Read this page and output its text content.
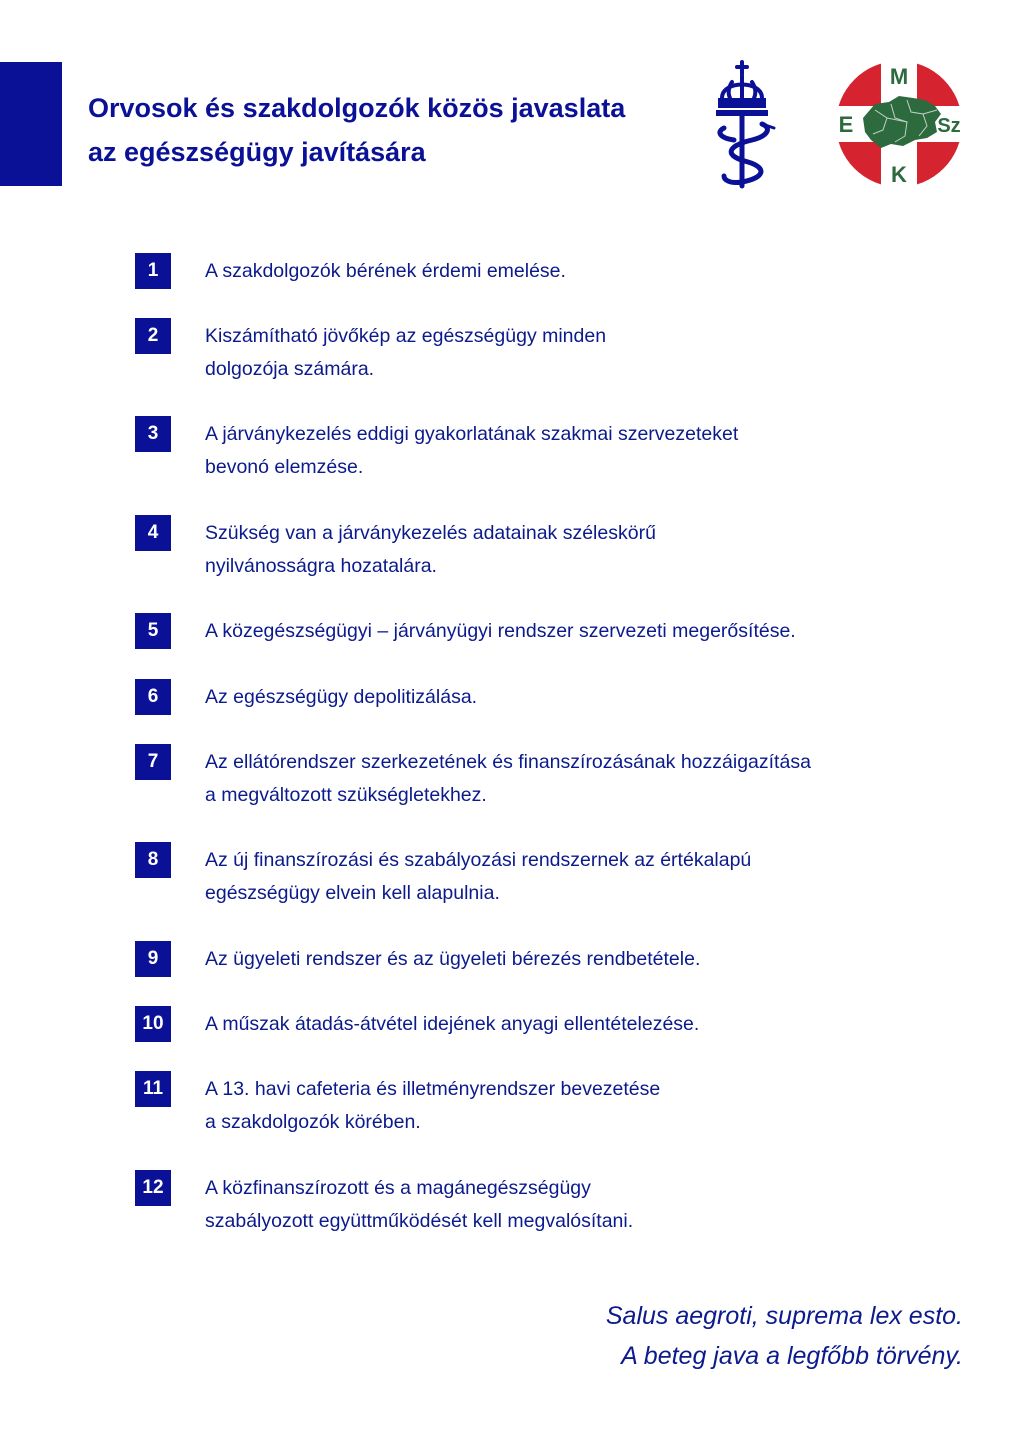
Orvosok és szakdolgozók közös javaslata
az egészségügy javítására
M
E	Sz
K
1	A szakdolgozók bérének érdemi emelése.
2	Kiszámítható jövőkép az egészségügy minden
dolgozója számára.
3	A járványkezelés eddigi gyakorlatának szakmai szervezeteket
bevonó elemzése.
4	Szükség van a járványkezelés adatainak széleskörű
nyilvánosságra hozatalára.
5	A közegészségügyi – járványügyi rendszer szervezeti megerősítése.
6	Az egészségügy depolitizálása.
7	Az ellátórendszer szerkezetének és finanszírozásának hozzáigazítása
a megváltozott szükségletekhez.
8	Az új finanszírozási és szabályozási rendszernek az értékalapú
egészségügy elvein kell alapulnia.
9	Az ügyeleti rendszer és az ügyeleti bérezés rendbetétele.
10	A műszak átadás-átvétel idejének anyagi ellentételezése.
11	A 13. havi cafeteria és illetményrendszer bevezetése
a szakdolgozók körében.
12	A közfinanszírozott és a magánegészségügy
szabályozott együttműködését kell megvalósítani.
Salus aegroti, suprema lex esto.
A beteg java a legfőbb törvény.
